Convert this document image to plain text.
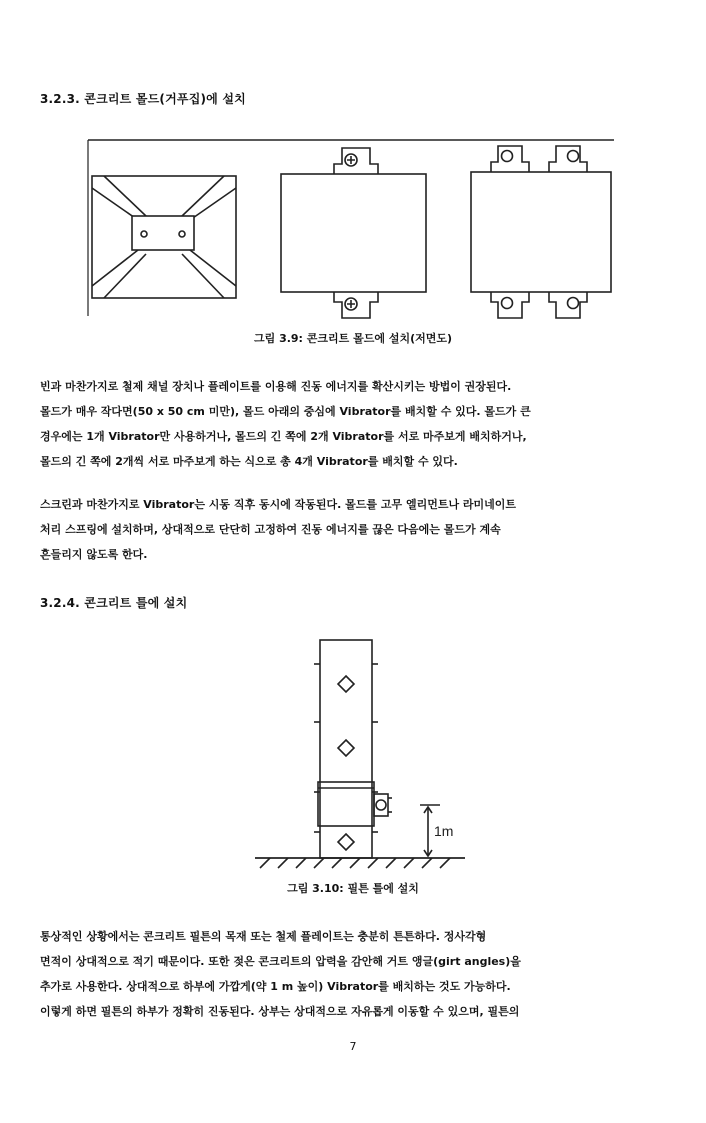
3.2.3. 콘크리트 몰드(거푸집)에 설치
그림 3.9: 콘크리트 몰드에 설치(저면도)
빈과 마찬가지로 철제 채널 장치나 플레이트를 이용해 진동 에너지를 확산시키는 방법이 권장된다.
몰드가 매우 작다면(50 x 50 cm 미만), 몰드 아래의 중심에 Vibrator를 배치할 수 있다. 몰드가 큰
경우에는 1개 Vibrator만 사용하거나, 몰드의 긴 쪽에 2개 Vibrator를 서로 마주보게 배치하거나,
몰드의 긴 쪽에 2개씩 서로 마주보게 하는 식으로 총 4개 Vibrator를 배치할 수 있다.
스크린과 마찬가지로 Vibrator는 시동 직후 동시에 작동된다. 몰드를 고무 엘리먼트나 라미네이트
처리 스프링에 설치하며, 상대적으로 단단히 고정하여 진동 에너지를 끊은 다음에는 몰드가 계속
흔들리지 않도록 한다.
3.2.4. 콘크리트 틀에 설치
1m
그림 3.10: 필튼 틀에 설치
통상적인 상황에서는 콘크리트 필튼의 목재 또는 철제 플레이트는 충분히 튼튼하다. 정사각형
면적이 상대적으로 적기 때문이다. 또한 젖은 콘크리트의 압력을 감안해 거트 앵글(girt angles)을
추가로 사용한다. 상대적으로 하부에 가깝게(약 1 m 높이) Vibrator를 배치하는 것도 가능하다.
이렇게 하면 필튼의 하부가 정확히 진동된다. 상부는 상대적으로 자유롭게 이동할 수 있으며, 필튼의
7
